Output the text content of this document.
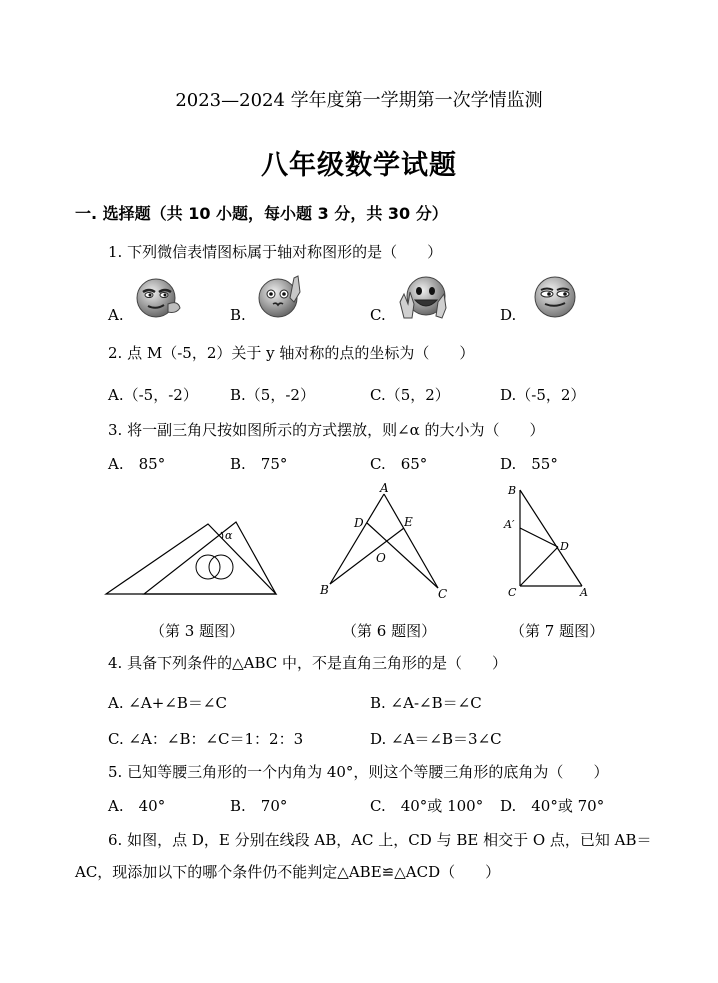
2023—2024 学年度第一学期第一次学情监测
八年级数学试题
一. 选择题（共 10 小题，每小题 3 分，共 30 分）
1. 下列微信表情图标属于轴对称图形的是（　　）
A.	B.	C.	D.
2. 点 M（-5，2）关于 y 轴对称的点的坐标为（　　）
A.（-5，-2） B.（5，-2）	C.（5，2）	D.（-5，2）
3. 将一副三角尺按如图所示的方式摆放，则∠α 的大小为（　　）
A.　85°	B.　75°	C.　65°	D.　55°
α
（第 3 题图）
A
B	C
D	E
O
（第 6 题图）
B
A′
D
C	A
（第 7 题图）
4. 具备下列条件的△ABC 中，不是直角三角形的是（　　）
A. ∠A+∠B＝∠C	B. ∠A-∠B＝∠C
C. ∠A：∠B：∠C＝1：2：3	D. ∠A＝∠B＝3∠C
5. 已知等腰三角形的一个内角为 40°，则这个等腰三角形的底角为（　　）
A.　40°	B.　70°	C.　40°或 100° D.　40°或 70°
6. 如图，点 D，E 分别在线段 AB，AC 上，CD 与 BE 相交于 O 点，已知 AB＝
AC，现添加以下的哪个条件仍不能判定△ABE≌△ACD（　　）
